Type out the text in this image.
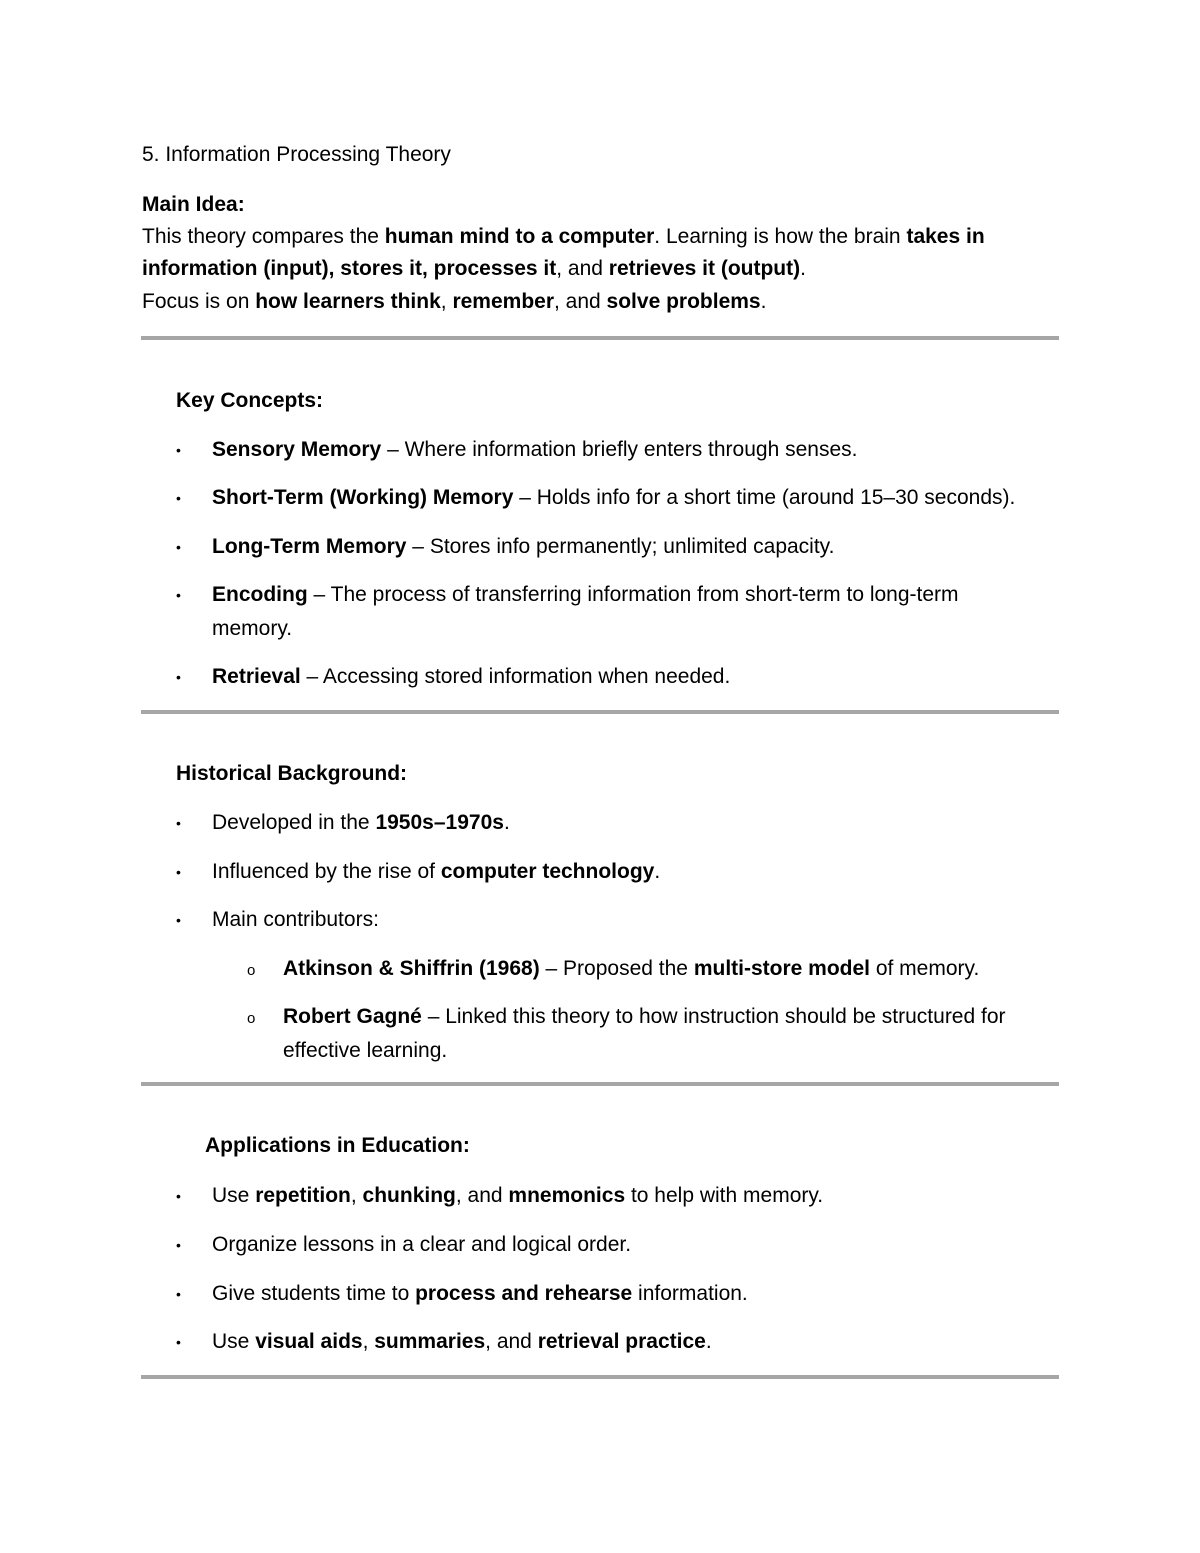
5. Information Processing Theory
Main Idea:
This theory compares the human mind to a computer. Learning is how the brain takes in
information (input), stores it, processes it, and retrieves it (output).
Focus is on how learners think, remember, and solve problems.
Key Concepts:
• Sensory Memory – Where information briefly enters through senses.
• Short-Term (Working) Memory – Holds info for a short time (around 15–30 seconds).
• Long-Term Memory – Stores info permanently; unlimited capacity.
• Encoding – The process of transferring information from short-term to long-term
memory.
• Retrieval – Accessing stored information when needed.
Historical Background:
• Developed in the 1950s–1970s.
• Influenced by the rise of computer technology.
• Main contributors:
o Atkinson & Shiffrin (1968) – Proposed the multi-store model of memory.
o Robert Gagné – Linked this theory to how instruction should be structured for
effective learning.
Applications in Education:
• Use repetition, chunking, and mnemonics to help with memory.
• Organize lessons in a clear and logical order.
• Give students time to process and rehearse information.
• Use visual aids, summaries, and retrieval practice.
